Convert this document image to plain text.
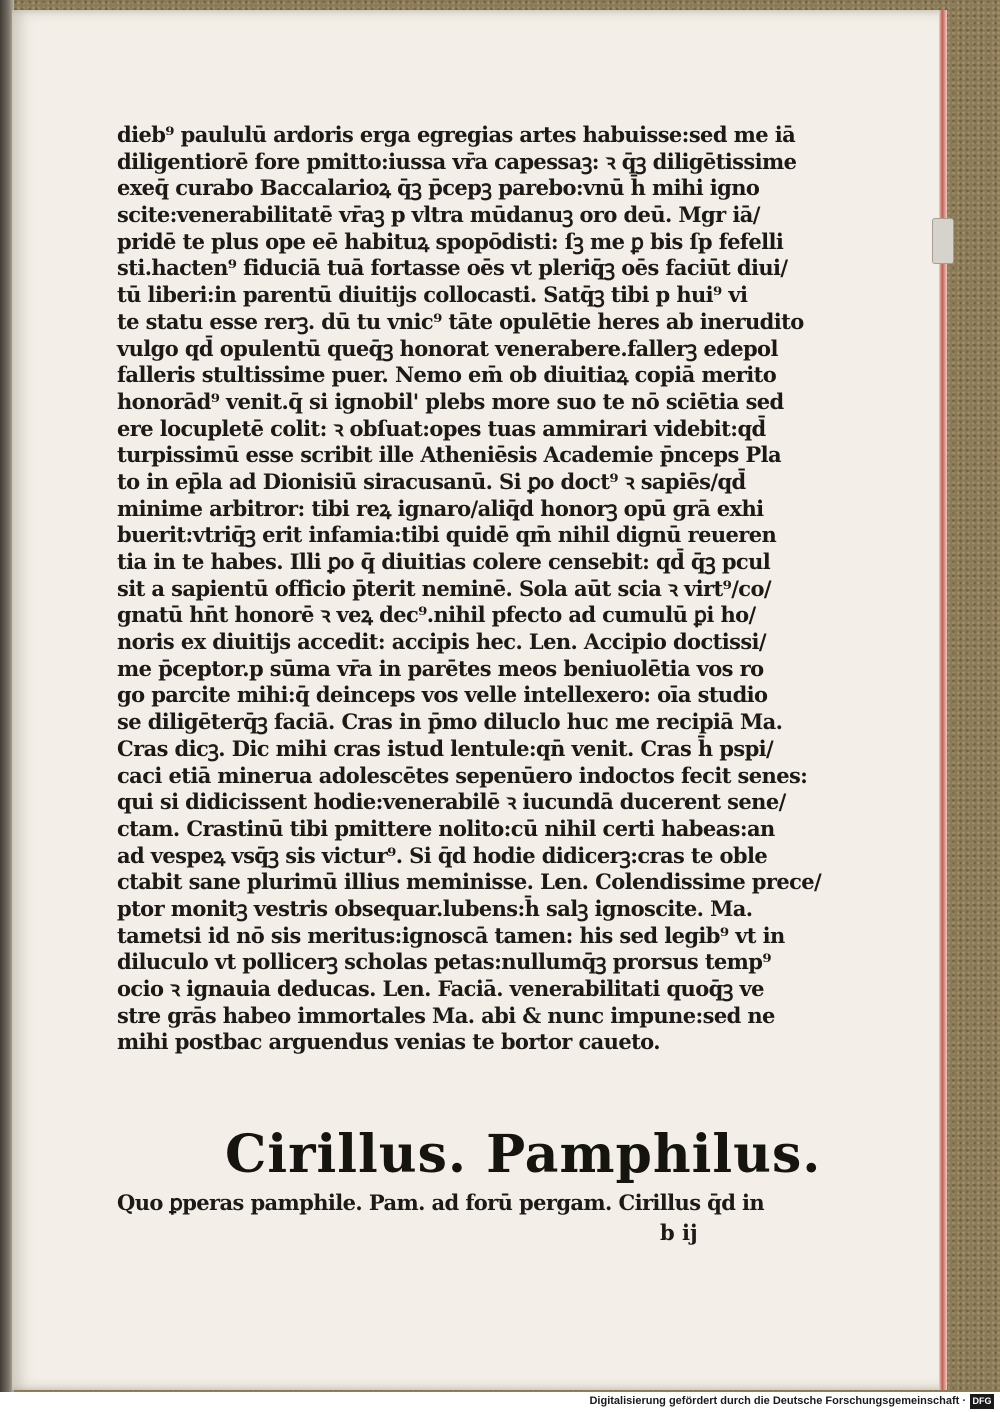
dieb⁹ paululū ardoris erga egregias artes habuisse:sed me iā
diligentiorē fore pmitto:iussa vr̄a capessaꝫ: ꝛ q̄ꝫ diligētissime
exeq̄ curabo Baccalarioꝝ q̄ꝫ p̄cepꝫ parebo:vnū h̄ mihi igno
scite:venerabilitatē vr̄aꝫ p vltra mūdanuꝫ oro deū. Mgr iā/
pridē te plus ope eē habituꝝ spopōdisti: ſꝫ me ꝑ bis ſp fefelli
sti.hacten⁹ fiduciā tuā fortasse oēs vt pleriq̄ꝫ oēs faciūt diui/
tū liberi:in parentū diuitijs collocasti. Satq̄ꝫ tibi p hui⁹ vi
te statu esse rerꝫ. dū tu vnic⁹ tāte opulētie heres ab inerudito
vulgo qd̄ opulentū queq̄ꝫ honorat venerabere.fallerꝫ edepol
falleris stultissime puer. Nemo em̄ ob diuitiaꝝ copiā merito
honorād⁹ venit.q̄ si ignobil' plebs more suo te nō sciētia sed
ere locupletē colit: ꝛ obſuat:opes tuas ammirari videbit:qd̄
turpissimū esse scribit ille Atheniēsis Academie p̄nceps Pla
to in ep̄la ad Dionisiū siracusanū. Si ꝑo doct⁹ ꝛ sapiēs/qd̄
minime arbitror: tibi reꝝ ignaro/aliq̄d honorꝫ opū grā exhi
buerit:vtriq̄ꝫ erit infamia:tibi quidē qm̄ nihil dignū reueren
tia in te habes. Illi ꝑo q̄ diuitias colere censebit: qd̄ q̄ꝫ pcul
sit a sapientū officio p̄terit neminē. Sola aūt scia ꝛ virt⁹/co/
gnatū hn̄t honorē ꝛ veꝝ dec⁹.nihil pfecto ad cumulū ꝑi ho/
noris ex diuitijs accedit: accipis hec. Len. Accipio doctissi/
me p̄ceptor.p sūma vr̄a in parētes meos beniuolētia vos ro
go parcite mihi:q̄ deinceps vos velle intellexero: oīa studio
se diligēterq̄ꝫ faciā. Cras in p̄mo diluclo huc me recipiā Ma.
Cras dicꝫ. Dic mihi cras istud lentule:qn̄ venit. Cras h̄ pspi/
caci etiā minerua adolescētes sepenūero indoctos fecit senes:
qui si didicissent hodie:venerabilē ꝛ iucundā ducerent sene/
ctam. Crastinū tibi pmittere nolito:cū nihil certi habeas:an
ad vespeꝝ vsq̄ꝫ sis victur⁹. Si q̄d hodie didicerꝫ:cras te oble
ctabit sane plurimū illius meminisse. Len. Colendissime prece/
ptor monitꝫ vestris obsequar.lubens:h̄ salꝫ ignoscite. Ma.
tametsi id nō sis meritus:ignoscā tamen: his sed legib⁹ vt in
diluculo vt pollicerꝫ scholas petas:nullumq̄ꝫ prorsus temp⁹
ocio ꝛ ignauia deducas. Len. Faciā. venerabilitati quoq̄ꝫ ve
stre grās habeo immortales Ma. abi & nunc impune:sed ne
mihi postbac arguendus venias te bortor caueto.
Cirillus. Pamphilus.
Quo ꝑperas pamphile. Pam. ad forū pergam. Cirillus q̄d in
b ij
Digitalisierung gefördert durch die Deutsche Forschungsgemeinschaft · DFG
